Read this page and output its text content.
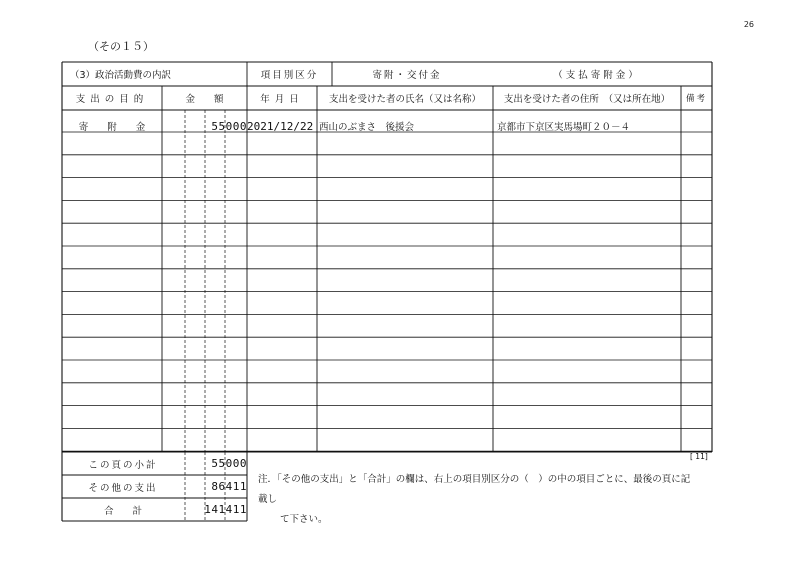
26
（その１５）
（3）政治活動費の内訳	項目別区分	寄附・交付金	（支払寄附金）
支出の目的	金　　額	年月日	支出を受けた者の氏名（又は名称）	支出を受けた者の住所　（又は所在地）	備考
寄　　附　　金	55000 2021/12/22 西山のぶまさ　後援会	京都市下京区実馬場町２０－４
[ 11]
この頁の小計	55000
その他の支出	86411
合　　計	141411
注．「その他の支出」と「合計」の欄は、右上の項目別区分の（　）の中の項目ごとに、最後の頁に記載し
て下さい。
